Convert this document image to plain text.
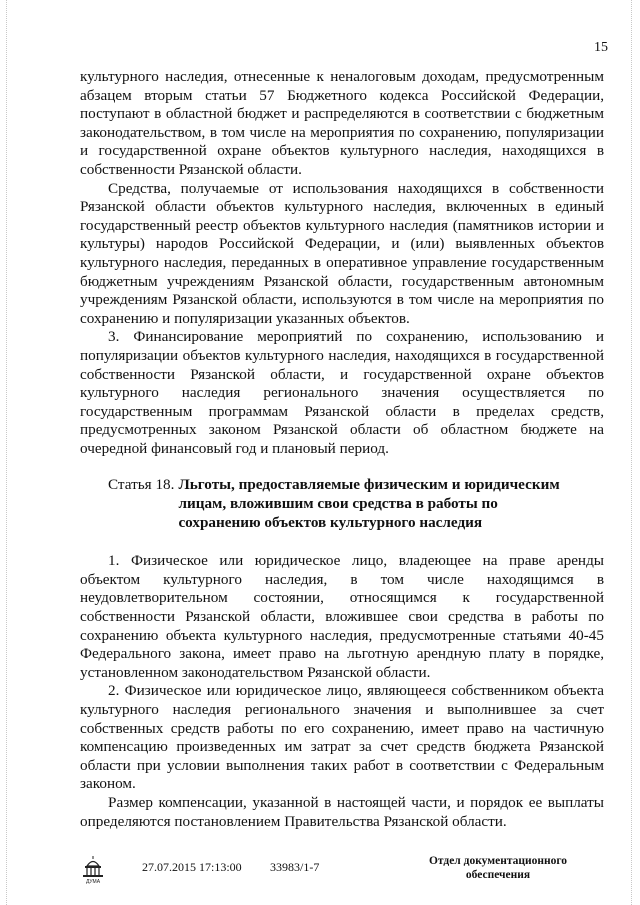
15

культурного наследия, отнесенные к неналоговым доходам, предусмотренным абзацем вторым статьи 57 Бюджетного кодекса Российской Федерации, поступают в областной бюджет и распределяются в соответствии с бюджетным законодательством, в том числе на мероприятия по сохранению, популяризации и государственной охране объектов культурного наследия, находящихся в собственности Рязанской области.

Средства, получаемые от использования находящихся в собственности Рязанской области объектов культурного наследия, включенных в единый государственный реестр объектов культурного наследия (памятников истории и культуры) народов Российской Федерации, и (или) выявленных объектов культурного наследия, переданных в оперативное управление государственным бюджетным учреждениям Рязанской области, государственным автономным учреждениям Рязанской области, используются в том числе на мероприятия по сохранению и популяризации указанных объектов.

3. Финансирование мероприятий по сохранению, использованию и популяризации объектов культурного наследия, находящихся в государственной собственности Рязанской области, и государственной охране объектов культурного наследия регионального значения осуществляется по государственным программам Рязанской области в пределах средств, предусмотренных законом Рязанской области об областном бюджете на очередной финансовый год и плановый период.

Статья 18. Льготы, предоставляемые физическим и юридическим лицам, вложившим свои средства в работы по сохранению объектов культурного наследия

1. Физическое или юридическое лицо, владеющее на праве аренды объектом культурного наследия, в том числе находящимся в неудовлетворительном состоянии, относящимся к государственной собственности Рязанской области, вложившее свои средства в работы по сохранению объекта культурного наследия, предусмотренные статьями 40-45 Федерального закона, имеет право на льготную арендную плату в порядке, установленном законодательством Рязанской области.

2. Физическое или юридическое лицо, являющееся собственником объекта культурного наследия регионального значения и выполнившее за счет собственных средств работы по его сохранению, имеет право на частичную компенсацию произведенных им затрат за счет средств бюджета Рязанской области при условии выполнения таких работ в соответствии с Федеральным законом.

Размер компенсации, указанной в настоящей части, и порядок ее выплаты определяются постановлением Правительства Рязанской области.

ДУМА
27.07.2015 17:13:00 33983/1-7	Отдел документационного
обеспечения
